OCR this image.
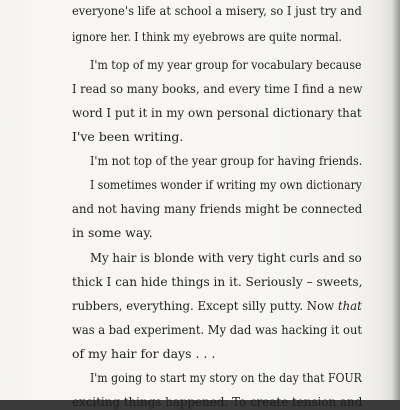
everyone's life at school a misery, so I just try and
ignore her. I think my eyebrows are quite normal.
I'm top of my year group for vocabulary because
I read so many books, and every time I find a new
word I put it in my own personal dictionary that
I've been writing.
I'm not top of the year group for having friends.
I sometimes wonder if writing my own dictionary
and not having many friends might be connected
in some way.
My hair is blonde with very tight curls and so
thick I can hide things in it. Seriously – sweets,
rubbers, everything. Except silly putty. Now that
was a bad experiment. My dad was hacking it out
of my hair for days . . .
I'm going to start my story on the day that FOUR
exciting things happened. To create tension and
